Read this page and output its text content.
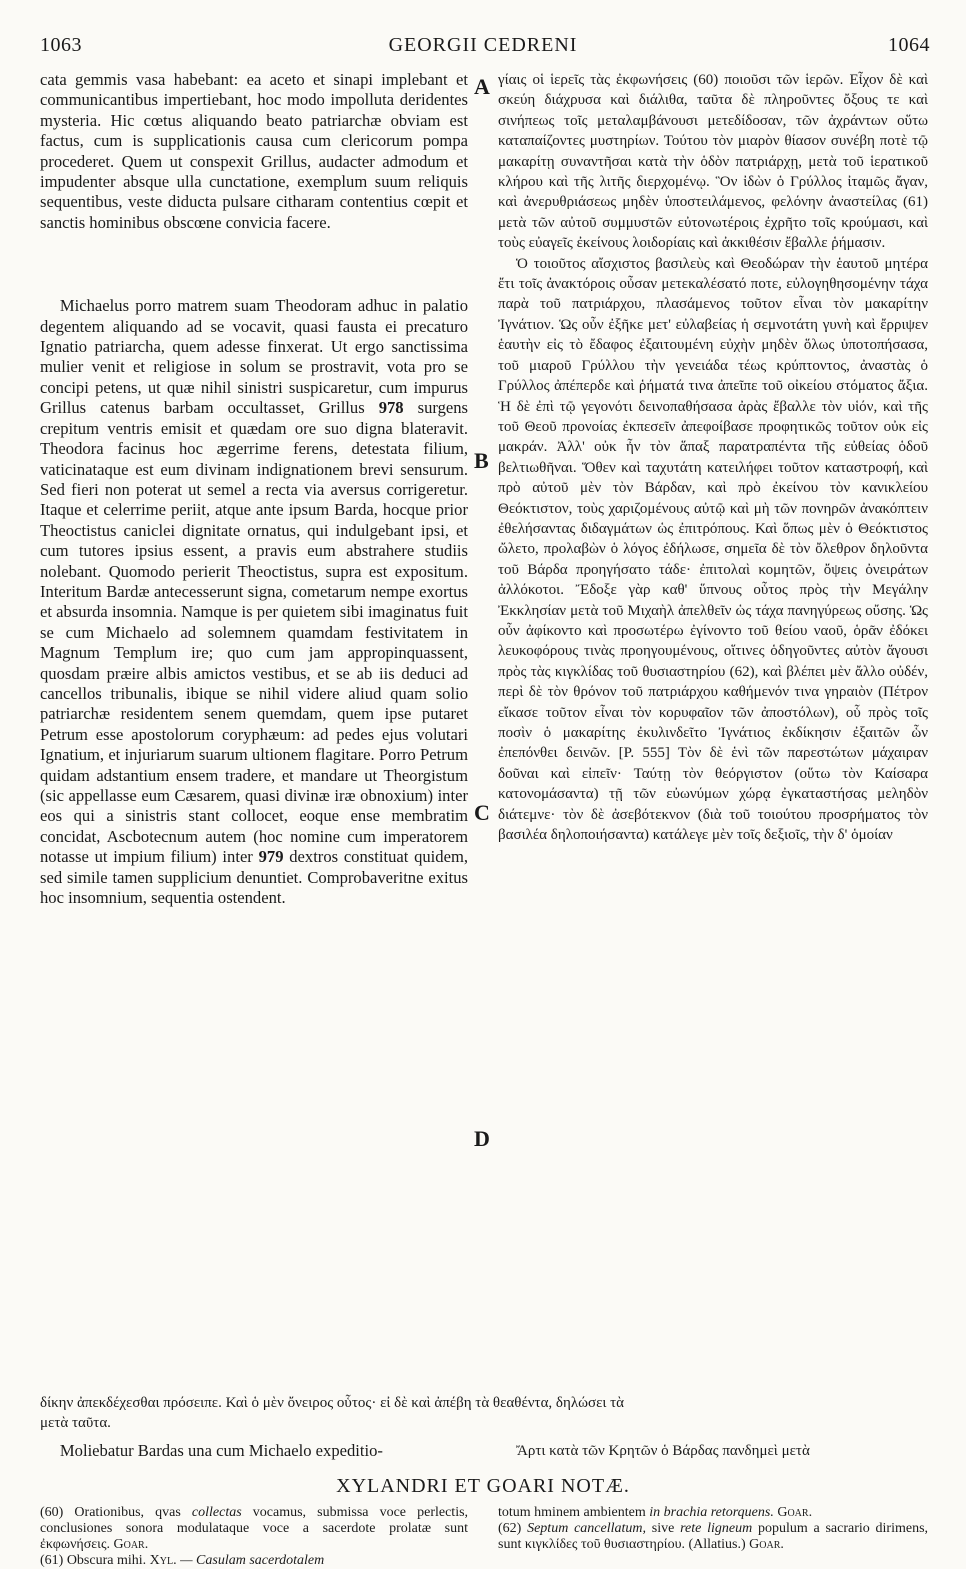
1063	GEORGII CEDRENI	1064
A
B
C
D

cata gemmis vasa habebant: ea aceto et sinapi implebant et communicantibus impertiebant, hoc modo impolluta deridentes mysteria. Hic cœtus aliquando beato patriarchæ obviam est factus, cum is supplicationis causa cum clericorum pompa procederet. Quem ut conspexit Grillus, audacter admodum et impudenter absque ulla cunctatione, exemplum suum reliquis sequentibus, veste diducta pulsare citharam contentius cœpit et sanctis hominibus obscœne convicia facere.

Michaelus porro matrem suam Theodoram adhuc in palatio degentem aliquando ad se vocavit, quasi fausta ei precaturo Ignatio patriarcha, quem adesse finxerat. Ut ergo sanctissima mulier venit et religiose in solum se prostravit, vota pro se concipi petens, ut quæ nihil sinistri suspicaretur, cum impurus Grillus catenus barbam occultasset, Grillus 978 surgens crepitum ventris emisit et quædam ore suo digna blateravit. Theodora facinus hoc ægerrime ferens, detestata filium, vaticinataque est eum divinam indignationem brevi sensurum. Sed fieri non poterat ut semel a recta via aversus corrigeretur. Itaque et celerrime periit, atque ante ipsum Barda, hocque prior Theoctistus caniclei dignitate ornatus, qui indulgebant ipsi, et cum tutores ipsius essent, a pravis eum abstrahere studiis nolebant. Quomodo perierit Theoctistus, supra est expositum. Interitum Bardæ antecesserunt signa, cometarum nempe exortus et absurda insomnia. Namque is per quietem sibi imaginatus fuit se cum Michaelo ad solemnem quamdam festivitatem in Magnum Templum ire; quo cum jam appropinquassent, quosdam præire albis amictos vestibus, et se ab iis deduci ad cancellos tribunalis, ibique se nihil videre aliud quam solio patriarchæ residentem senem quemdam, quem ipse putaret Petrum esse apostolorum coryphæum: ad pedes ejus volutari Ignatium, et injuriarum suarum ultionem flagitare. Porro Petrum quidam adstantium ensem tradere, et mandare ut Theorgistum (sic appellasse eum Cæsarem, quasi divinæ iræ obnoxium) inter eos qui a sinistris stant collocet, eoque ense membratim concidat, Ascbotecnum autem (hoc nomine cum imperatorem notasse ut impium filium) inter 979 dextros constituat quidem, sed simile tamen supplicium denuntiet. Comprobaveritne exitus hoc insomnium, sequentia ostendent.

γίαις οἱ ἱερεῖς τὰς ἐκφωνήσεις (60) ποιοῦσι τῶν ἱερῶν. Εἶχον δὲ καὶ σκεύη διάχρυσα καὶ διάλιθα, ταῦτα δὲ πληροῦντες ὄξους τε καὶ σινήπεως τοῖς μεταλαμβάνουσι μετεδίδοσαν, τῶν ἀχράντων οὕτω καταπαίζοντες μυστηρίων. Τούτου τὸν μιαρὸν θίασον συνέβη ποτὲ τῷ μακαρίτῃ συναντῆσαι κατὰ τὴν ὁδὸν πατριάρχῃ, μετὰ τοῦ ἱερατικοῦ κλήρου καὶ τῆς λιτῆς διερχομένῳ. Ὃν ἰδὼν ὁ Γρύλλος ἰταμῶς ἄγαν, καὶ ἀνερυθριάσεως μηδὲν ὑποστειλάμενος, φελόνην ἀναστείλας (61) μετὰ τῶν αὐτοῦ συμμυστῶν εὐτονωτέροις ἐχρῆτο τοῖς κρούμασι, καὶ τοὺς εὐαγεῖς ἐκείνους λοιδορίαις καὶ ἀκκιθέσιν ἔβαλλε ῥήμασιν.

Ὁ τοιοῦτος αἴσχιστος βασιλεὺς καὶ Θεοδώραν τὴν ἑαυτοῦ μητέρα ἔτι τοῖς ἀνακτόροις οὖσαν μετεκαλέσατό ποτε, εὐλογηθησομένην τάχα παρὰ τοῦ πατριάρχου, πλασάμενος τοῦτον εἶναι τὸν μακαρίτην Ἰγνάτιον. Ὡς οὖν ἐξῆκε μετ' εὐλαβείας ἡ σεμνοτάτη γυνὴ καὶ ἔρριψεν ἑαυτὴν εἰς τὸ ἔδαφος ἐξαιτουμένη εὐχὴν μηδὲν ὅλως ὑποτοπήσασα, τοῦ μιαροῦ Γρύλλου τὴν γενειάδα τέως κρύπτοντος, ἀναστὰς ὁ Γρύλλος ἀπέπερδε καὶ ῥήματά τινα ἀπεῖπε τοῦ οἰκείου στόματος ἄξια. Ἡ δὲ ἐπὶ τῷ γεγονότι δεινοπαθήσασα ἀρὰς ἔβαλλε τὸν υἱόν, καὶ τῆς τοῦ Θεοῦ προνοίας ἐκπεσεῖν ἀπεφοίβασε προφητικῶς τοῦτον οὐκ εἰς μακράν. Ἀλλ' οὐκ ἦν τὸν ἅπαξ παρατραπέντα τῆς εὐθείας ὁδοῦ βελτιωθῆναι. Ὅθεν καὶ ταχυτάτη κατειλήφει τοῦτον καταστροφή, καὶ πρὸ αὐτοῦ μὲν τὸν Βάρδαν, καὶ πρὸ ἐκείνου τὸν κανικλείου Θεόκτιστον, τοὺς χαριζομένους αὐτῷ καὶ μὴ τῶν πονηρῶν ἀνακόπτειν ἐθελήσαντας διδαγμάτων ὡς ἐπιτρόπους. Καὶ ὅπως μὲν ὁ Θεόκτιστος ὤλετο, προλαβὼν ὁ λόγος ἐδήλωσε, σημεῖα δὲ τὸν ὄλεθρον δηλοῦντα τοῦ Βάρδα προηγήσατο τάδε· ἐπιτολαὶ κομητῶν, ὄψεις ὀνειράτων ἀλλόκοτοι. Ἔδοξε γὰρ καθ' ὕπνους οὗτος πρὸς τὴν Μεγάλην Ἐκκλησίαν μετὰ τοῦ Μιχαὴλ ἀπελθεῖν ὡς τάχα πανηγύρεως οὔσης. Ὡς οὖν ἀφίκοντο καὶ προσωτέρω ἐγίνοντο τοῦ θείου ναοῦ, ὁρᾶν ἐδόκει λευκοφόρους τινὰς προηγουμένους, οἵτινες ὁδηγοῦντες αὐτὸν ἄγουσι πρὸς τὰς κιγκλίδας τοῦ θυσιαστηρίου (62), καὶ βλέπει μὲν ἄλλο οὐδέν, περὶ δὲ τὸν θρόνον τοῦ πατριάρχου καθήμενόν τινα γηραιὸν (Πέτρον εἴκασε τοῦτον εἶναι τὸν κορυφαῖον τῶν ἀποστόλων), οὗ πρὸς τοῖς ποσὶν ὁ μακαρίτης ἐκυλινδεῖτο Ἰγνάτιος ἐκδίκησιν ἐξαιτῶν ὧν ἐπεπόνθει δεινῶν. [P. 555] Τὸν δὲ ἑνὶ τῶν παρεστώτων μάχαιραν δοῦναι καὶ εἰπεῖν· Ταύτῃ τὸν θεόργιστον (οὕτω τὸν Καίσαρα κατονομάσαντα) τῇ τῶν εὐωνύμων χώρᾳ ἐγκαταστήσας μεληδὸν διάτεμνε· τὸν δὲ ἀσεβότεκνον (διὰ τοῦ τοιούτου προσρήματος τὸν βασιλέα δηλοποιήσαντα) κατάλεγε μὲν τοῖς δεξιοῖς, τὴν δ' ὁμοίαν

δίκην ἀπεκδέχεσθαι πρόσειπε. Καὶ ὁ μὲν ὄνειρος οὗτος· εἰ δὲ καὶ ἀπέβη τὰ θεαθέντα, δηλώσει τὰ
μετὰ ταῦτα.

Moliebatur Bardas una cum Michaelo expeditio-	Ἄρτι κατὰ τῶν Κρητῶν ὁ Βάρδας πανδημεὶ μετὰ

XYLANDRI ET GOARI NOTÆ.

(60) Orationibus, qvas collectas vocamus, submissa voce perlectis, conclusiones sonora modulataque voce a sacerdote prolatæ sunt ἐκφωνήσεις. Goar.

(61) Obscura mihi. Xyl. — Casulam sacerdotalem

totum hminem ambientem in brachia retorquens. Goar.

(62) Septum cancellatum, sive rete ligneum populum a sacrario dirimens, sunt κιγκλίδες τοῦ θυσιαστηρίου. (Allatius.) Goar.
